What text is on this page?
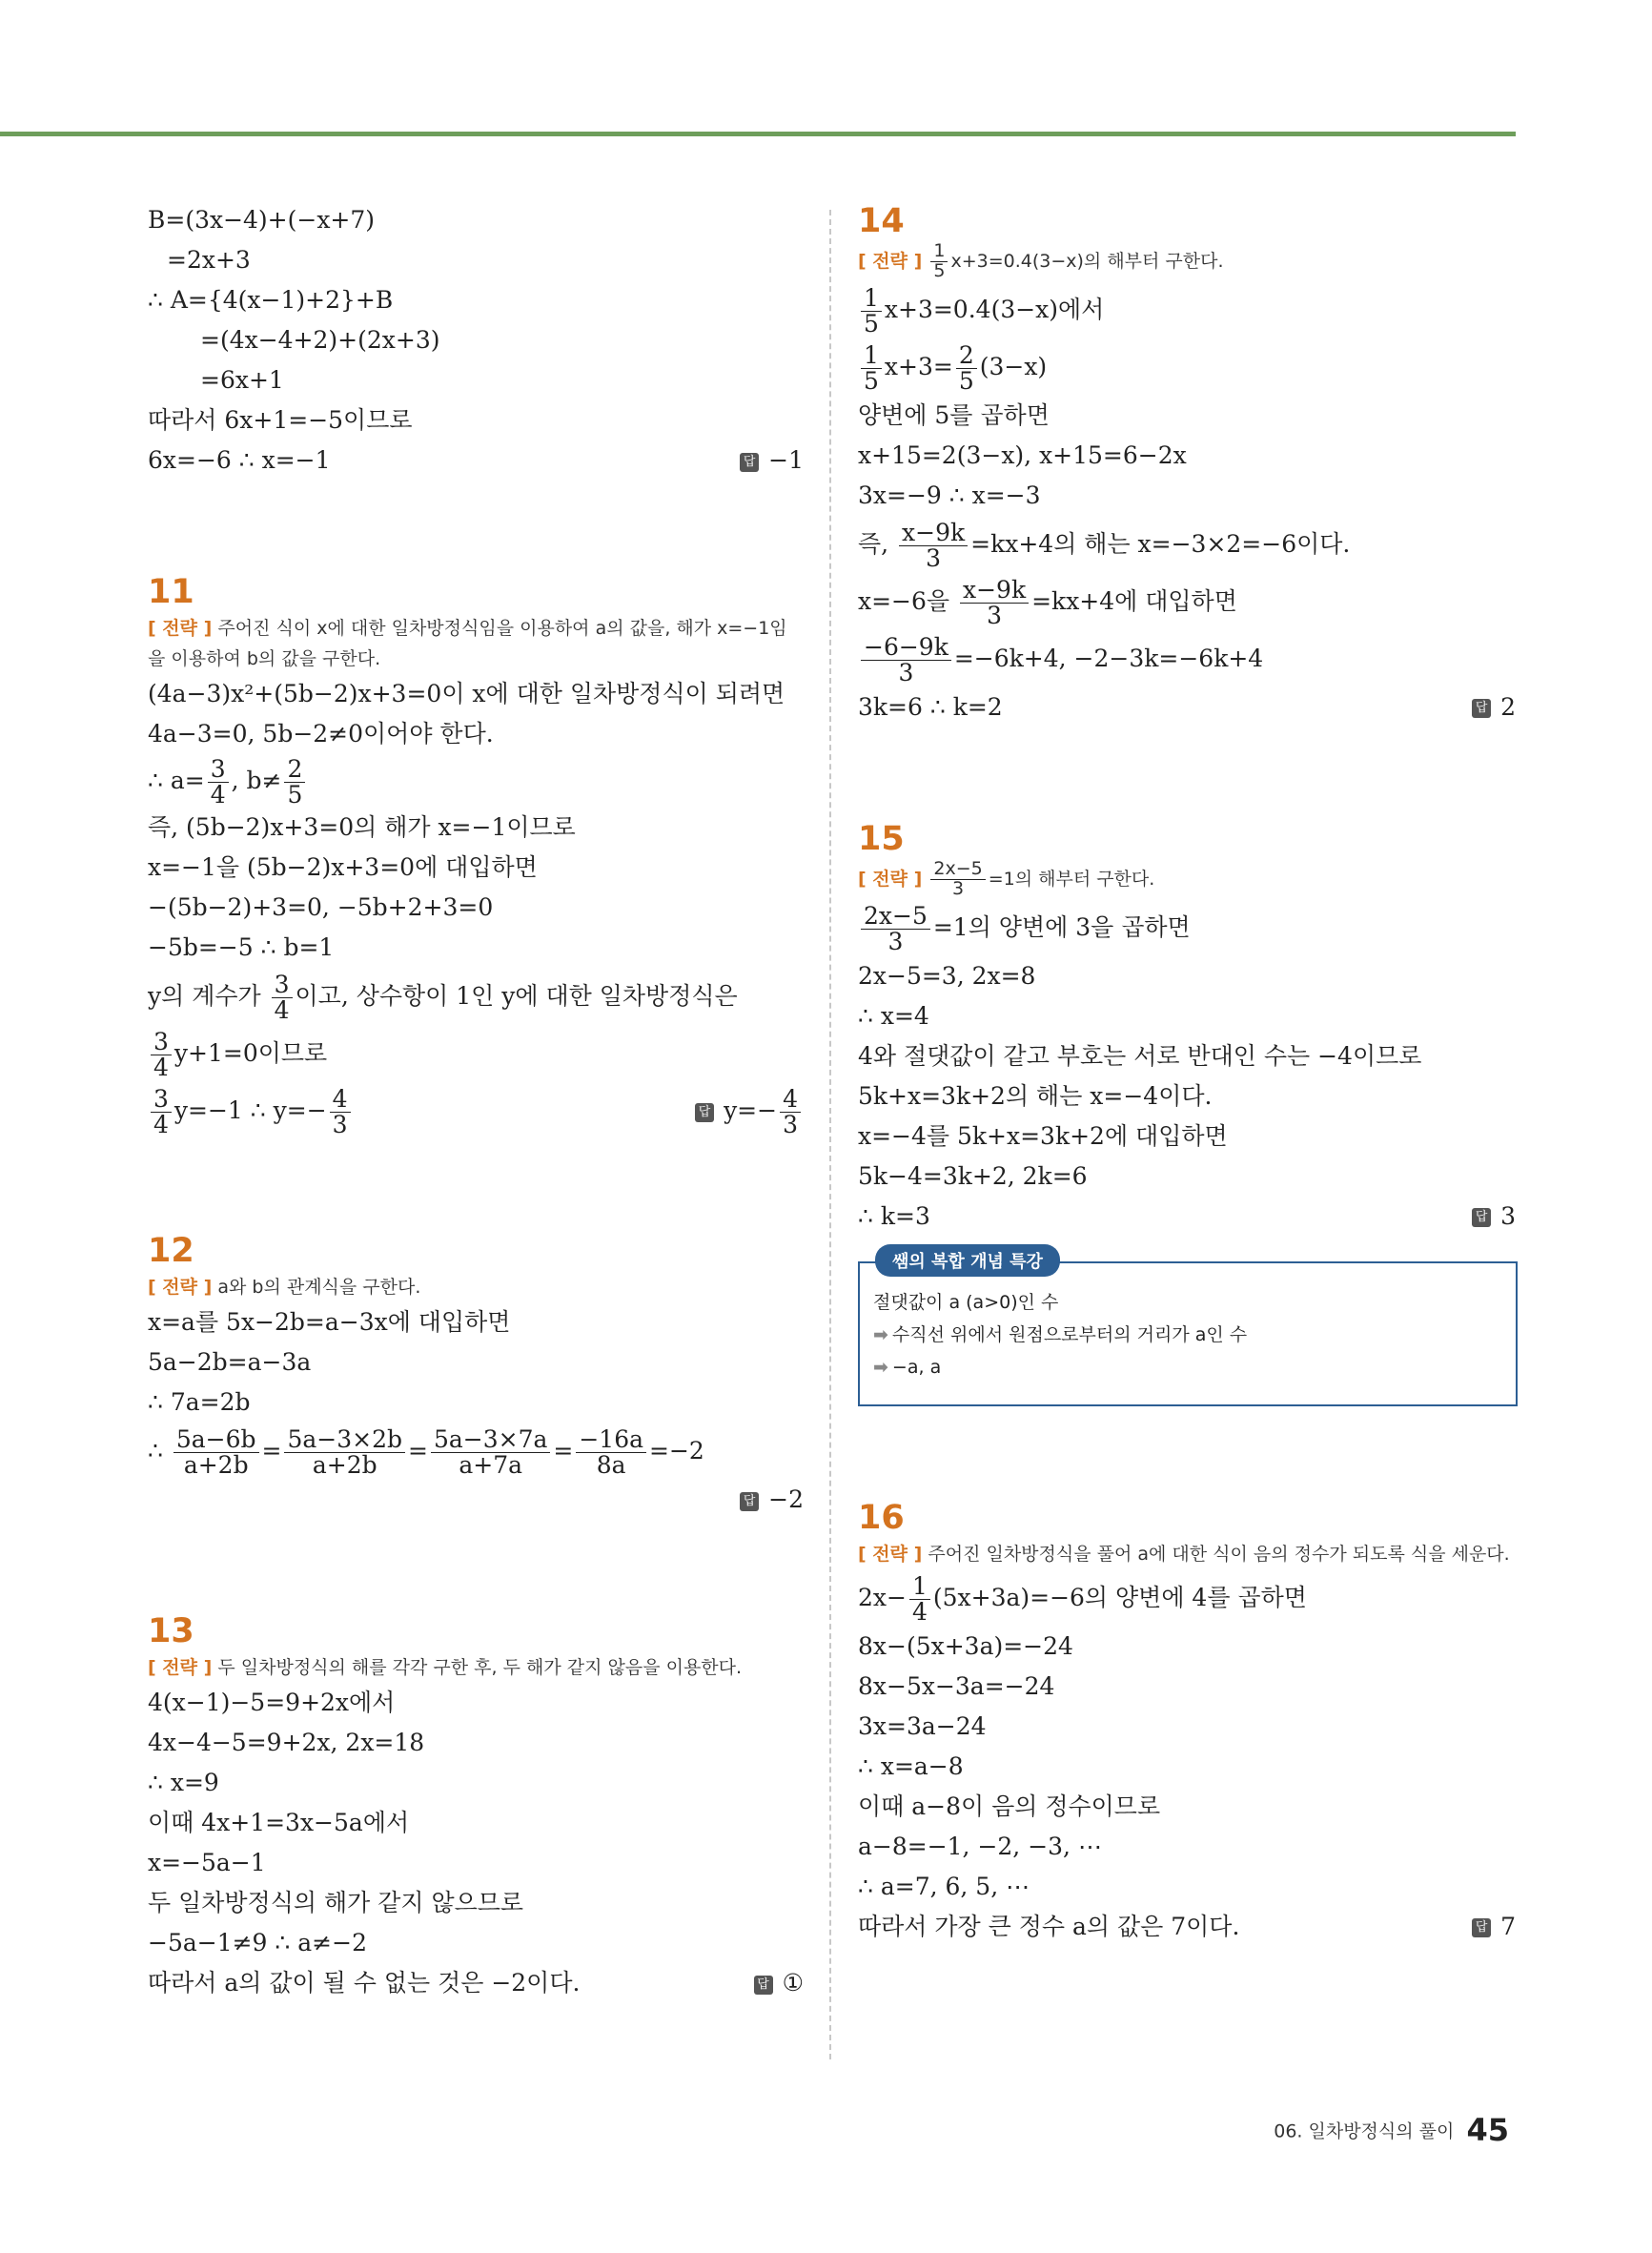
B=(3x−4)+(−x+7)
=2x+3
∴ A={4(x−1)+2}+B
=(4x−4+2)+(2x+3)
=6x+1
따라서 6x+1=−5이므로
6x=−6 ∴ x=−1	답 −1
11
[ 전략 ] 주어진 식이 x에 대한 일차방정식임을 이용하여 a의 값을, 해가 x=−1임을 이용하여 b의 값을 구한다.
(4a−3)x²+(5b−2)x+3=0이 x에 대한 일차방정식이 되려면
4a−3=0, 5b−2≠0이어야 한다.
∴ $a= \frac{3}{4}$ , $b\ne \frac{2}{5}$
즉, (5b−2)x+3=0의 해가 x=−1이므로
x=−1을 (5b−2)x+3=0에 대입하면
−(5b−2)+3=0, −5b+2+3=0
−5b=−5 ∴ b=1
y의 계수가 $\frac{3}{4}$ 이고, 상수항이 1인 y에 대한 일차방정식은
$\frac{3}{4} y+1=0$이므로
$\frac{3}{4} y=-1$ ∴ $y=- \frac{4}{3}$	답 $y=- \frac{4}{3}$
12
[ 전략 ] a와 b의 관계식을 구한다.
x=a를 5x−2b=a−3x에 대입하면
5a−2b=a−3a
∴ 7a=2b
∴ $\frac{5a-6b}{a+2b} = \frac{5a-3\times 2b}{a+2b} = \frac{5a-3\times 7a}{a+7a} = \frac{-16a}{8a} =-2$
답 −2
13
[ 전략 ] 두 일차방정식의 해를 각각 구한 후, 두 해가 같지 않음을 이용한다.
4(x−1)−5=9+2x에서
4x−4−5=9+2x, 2x=18
∴ x=9
이때 4x+1=3x−5a에서
x=−5a−1
두 일차방정식의 해가 같지 않으므로
−5a−1≠9 ∴ a≠−2
따라서 a의 값이 될 수 없는 것은 −2이다.	답 ①
14
[ 전략 ] $\frac{1}{5} x+3=0.4(3-x)$의 해부터 구한다.
$\frac{1}{5} x+3=0.4(3-x)$에서
$\frac{1}{5} x+3= \frac{2}{5} (3-x)$
양변에 5를 곱하면
x+15=2(3−x), x+15=6−2x
3x=−9 ∴ x=−3
즉, $\frac{x-9k}{3} =kx+4$의 해는 x=−3×2=−6이다.
x=−6을 $\frac{x-9k}{3} =kx+4$에 대입하면
$\frac{-6-9k}{3} =-6k+4$, −2−3k=−6k+4
3k=6 ∴ k=2	답 2
15
[ 전략 ] $\frac{2x-5}{3} =1$의 해부터 구한다.
$\frac{2x-5}{3} =1$의 양변에 3을 곱하면
2x−5=3, 2x=8
∴ x=4
4와 절댓값이 같고 부호는 서로 반대인 수는 −4이므로
5k+x=3k+2의 해는 x=−4이다.
x=−4를 5k+x=3k+2에 대입하면
5k−4=3k+2, 2k=6
∴ k=3	답 3
쌤의 복합 개념 특강
절댓값이 a (a>0)인 수
➡ 수직선 위에서 원점으로부터의 거리가 a인 수
➡ −a, a
16
[ 전략 ] 주어진 일차방정식을 풀어 a에 대한 식이 음의 정수가 되도록 식을 세운다.
$2x- \frac{1}{4} (5x+3a)=-6$의 양변에 4를 곱하면
8x−(5x+3a)=−24
8x−5x−3a=−24
3x=3a−24
∴ x=a−8
이때 a−8이 음의 정수이므로
a−8=−1, −2, −3, ⋯
∴ a=7, 6, 5, ⋯
따라서 가장 큰 정수 a의 값은 7이다.	답 7
06. 일차방정식의 풀이 45
